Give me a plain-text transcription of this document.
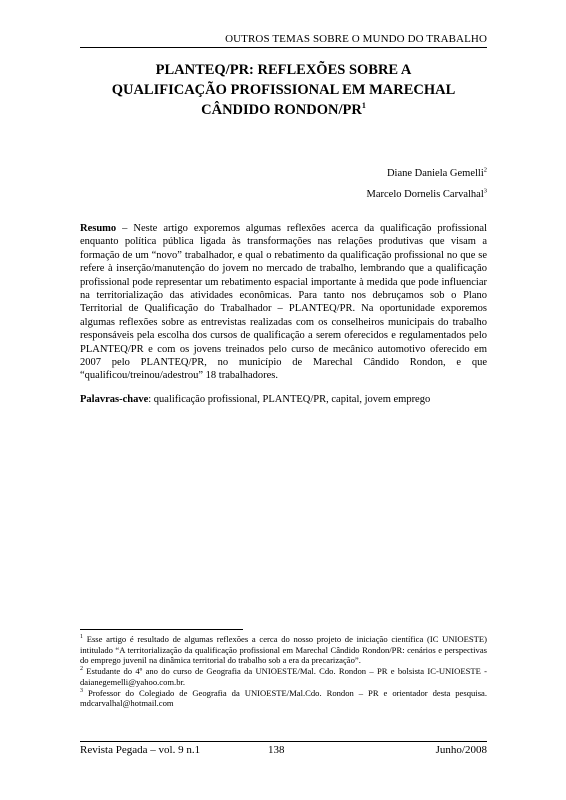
OUTROS TEMAS SOBRE O MUNDO DO TRABALHO
PLANTEQ/PR: REFLEXÕES SOBRE A
QUALIFICAÇÃO PROFISSIONAL EM MARECHAL
CÂNDIDO RONDON/$PR^1$
Diane Daniela Gemelli$^2$
Marcelo Dornelis Carvalhal$^3$

Resumo – Neste artigo exporemos algumas reflexões acerca da qualificação profissional enquanto política pública ligada às transformações nas relações produtivas que visam a formação de um “novo” trabalhador, e qual o rebatimento da qualificação profissional no que se refere à inserção/manutenção do jovem no mercado de trabalho, lembrando que a qualificação profissional pode representar um rebatimento espacial importante à medida que pode influenciar na territorialização das atividades econômicas. Para tanto nos debruçamos sob o Plano Territorial de Qualificação do Trabalhador – PLANTEQ/PR. Na oportunidade exporemos algumas reflexões sobre as entrevistas realizadas com os conselheiros municipais do trabalho responsáveis pela escolha dos cursos de qualificação a serem oferecidos e regulamentados pelo PLANTEQ/PR e com os jovens treinados pelo curso de mecânico automotivo oferecido em 2007 pelo PLANTEQ/PR, no município de Marechal Cândido Rondon, e que “qualificou/treinou/adestrou” 18 trabalhadores.

Palavras-chave: qualificação profissional, PLANTEQ/PR, capital, jovem emprego

$^1$ Esse artigo é resultado de algumas reflexões a cerca do nosso projeto de iniciação científica (IC UNIOESTE) intitulado “A territorialização da qualificação profissional em Marechal Cândido Rondon/PR: cenários e perspectivas do emprego juvenil na dinâmica territorial do trabalho sob a era da precarização”.

$^2$ Estudante do 4º ano do curso de Geografia da UNIOESTE/Mal. Cdo. Rondon – PR e bolsista IC-UNIOESTE - daianegemelli@yahoo.com.br.

$^3$ Professor do Colegiado de Geografia da UNIOESTE/Mal.Cdo. Rondon – PR e orientador desta pesquisa. mdcarvalhal@hotmail.com

Revista Pegada – vol. 9 n.1	138	Junho/2008
